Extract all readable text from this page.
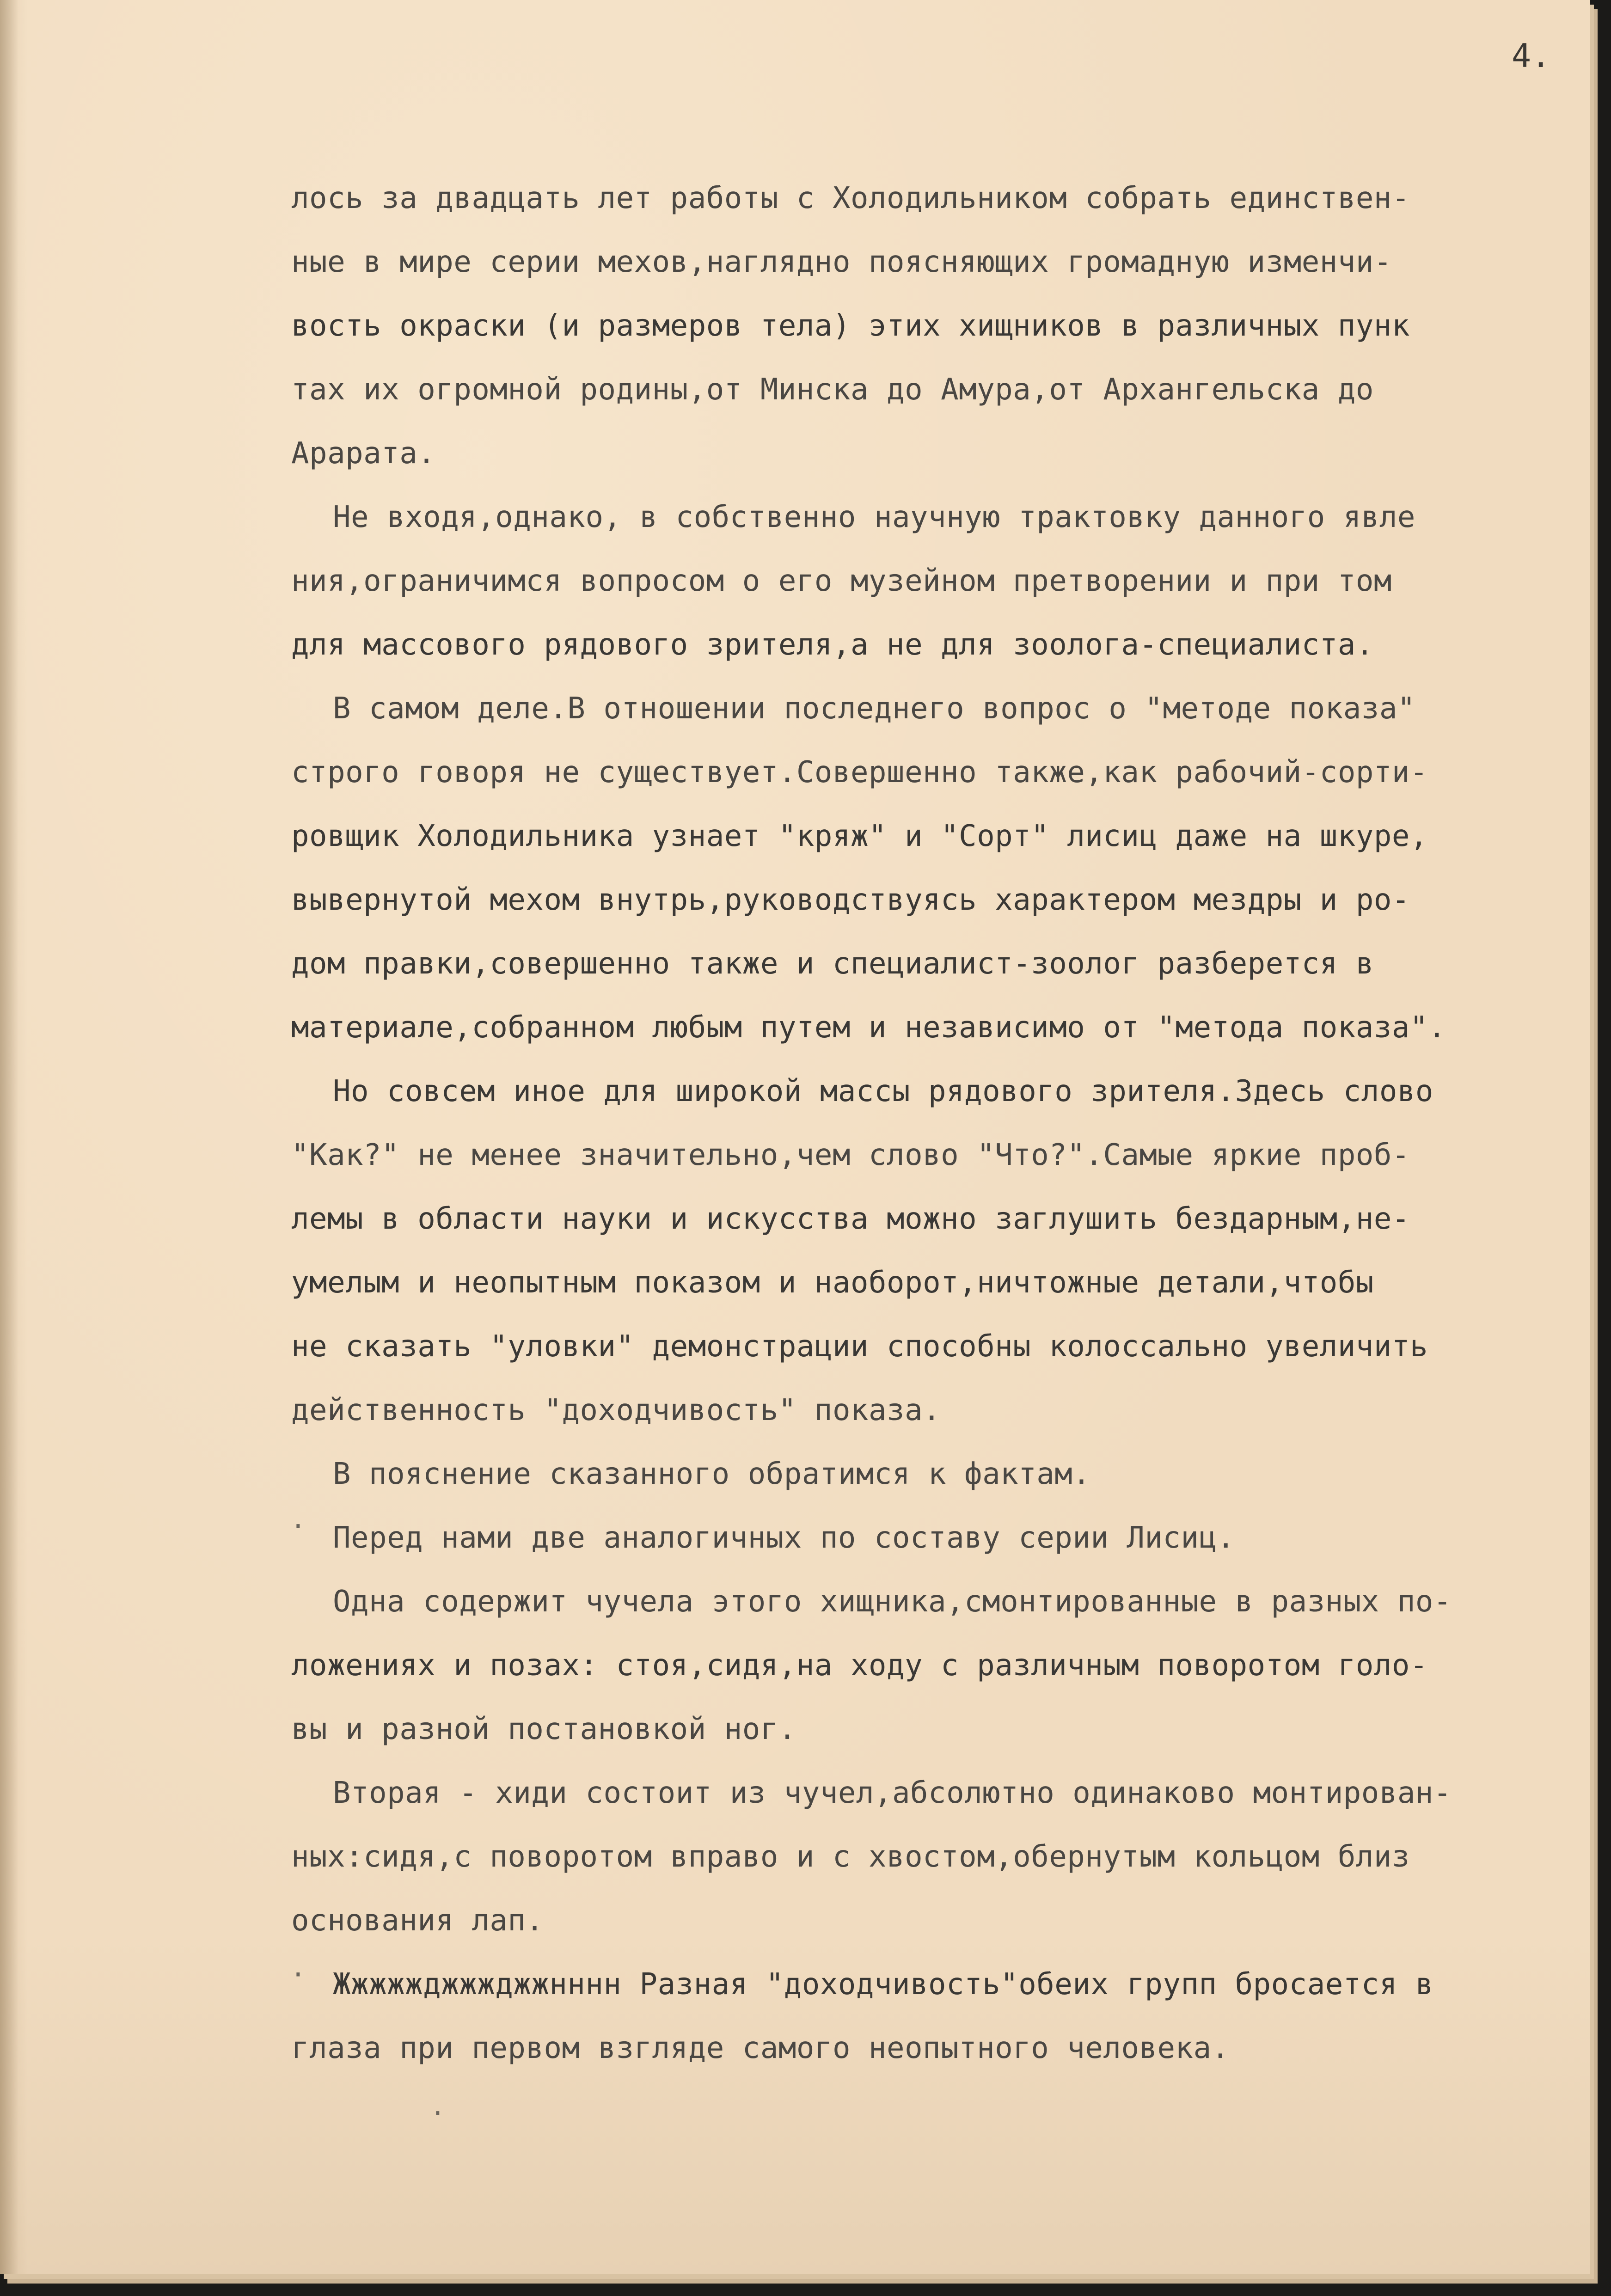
4.
лось за двадцать лет работы с Холодильником собрать единствен-
ные в мире серии мехов,наглядно поясняющих громадную изменчи-
вость окраски (и размеров тела) этих хищников в различных пунк
тах их огромной родины,от Минска до Амура,от Архангельска до
Арарата.
Не входя,однако, в собственно научную трактовку данного явле
ния,ограничимся вопросом о его музейном претворении и при том
для массового рядового зрителя,а не для зоолога-специалиста.
В самом деле.В отношении последнего вопрос о "методе показа"
строго говоря не существует.Совершенно также,как рабочий-сорти-
ровщик Холодильника узнает "кряж" и "Сорт" лисиц даже на шкуре,
вывернутой мехом внутрь,руководствуясь характером мездры и ро-
дом правки,совершенно также и специалист-зоолог разберется в
материале,собранном любым путем и независимо от "метода показа".
Но совсем иное для широкой массы рядового зрителя.Здесь слово
"Как?" не менее значительно,чем слово "Что?".Самые яркие проб-
лемы в области науки и искусства можно заглушить бездарным,не-
умелым и неопытным показом и наоборот,ничтожные детали,чтобы
не сказать "уловки" демонстрации способны колоссально увеличить
действенность "доходчивость" показа.
В пояснение сказанного обратимся к фактам.
Перед нами две аналогичных по составу серии Лисиц.
Одна содержит чучела этого хищника,смонтированные в разных по-
ложениях и позах: стоя,сидя,на ходу с различным поворотом голо-
вы и разной постановкой ног.
Вторая - хиди состоит из чучел,абсолютно одинаково монтирован-
ных:сидя,с поворотом вправо и с хвостом,обернутым кольцом близ
основания лап.
Жжжжжджжжджжнннн Разная "доходчивость"обеих групп бросается в
глаза при первом взгляде самого неопытного человека.
·
·
·
